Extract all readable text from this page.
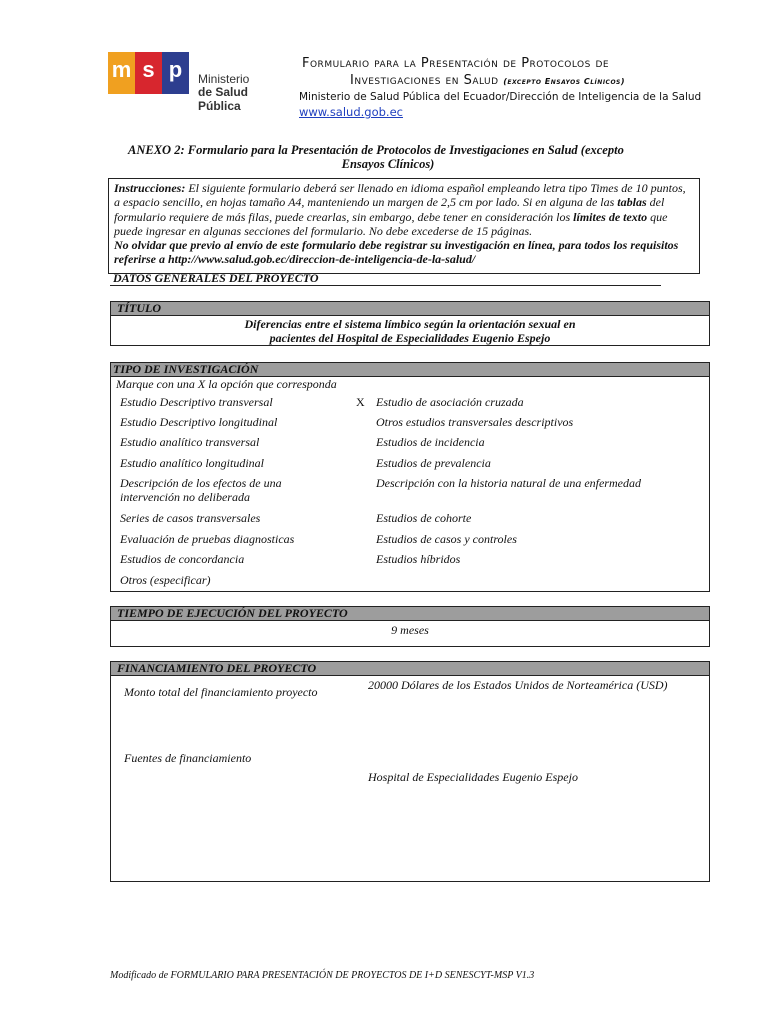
m s p	Ministerio
de Salud Pública
Formulario para la Presentación de Protocolos de
Investigaciones en Salud (excepto Ensayos Clínicos)
Ministerio de Salud Pública del Ecuador/Dirección de Inteligencia de la Salud
www.salud.gob.ec
ANEXO 2: Formulario para la Presentación de Protocolos de Investigaciones en Salud (excepto
Ensayos Clínicos)
Instrucciones: El siguiente formulario deberá ser llenado en idioma español empleando letra tipo Times de 10 puntos, a espacio sencillo, en hojas tamaño A4, manteniendo un margen de 2,5 cm por lado. Si en alguna de las tablas del formulario requiere de más filas, puede crearlas, sin embargo, debe tener en consideración los límites de texto que puede ingresar en algunas secciones del formulario. No debe excederse de 15 páginas.
No olvidar que previo al envío de este formulario debe registrar su investigación en línea, para todos los requisitos referirse a http://www.salud.gob.ec/direccion-de-inteligencia-de-la-salud/
DATOS GENERALES DEL PROYECTO
TÍTULO
Diferencias entre el sistema límbico según la orientación sexual en
pacientes del Hospital de Especialidades Eugenio Espejo
TIPO DE INVESTIGACIÓN
Marque con una X la opción que corresponda
Estudio Descriptivo transversal
Estudio Descriptivo longitudinal
Estudio analítico transversal
Estudio analítico longitudinal
Descripción de los efectos de una intervención no deliberada
Series de casos transversales
Evaluación de pruebas diagnosticas
Estudios de concordancia
Otros (especificar)
X Estudio de asociación cruzada
Otros estudios transversales descriptivos
Estudios de incidencia
Estudios de prevalencia
Descripción con la historia natural de una enfermedad
Estudios de cohorte
Estudios de casos y controles
Estudios híbridos
TIEMPO DE EJECUCIÓN DEL PROYECTO
9 meses
FINANCIAMIENTO DEL PROYECTO
Monto total del financiamiento proyecto	20000 Dólares de los Estados Unidos de Norteamérica (USD)
Fuentes de financiamiento
Hospital de Especialidades Eugenio Espejo
Modificado de FORMULARIO PARA PRESENTACIÓN DE PROYECTOS DE I+D SENESCYT-MSP V1.3
